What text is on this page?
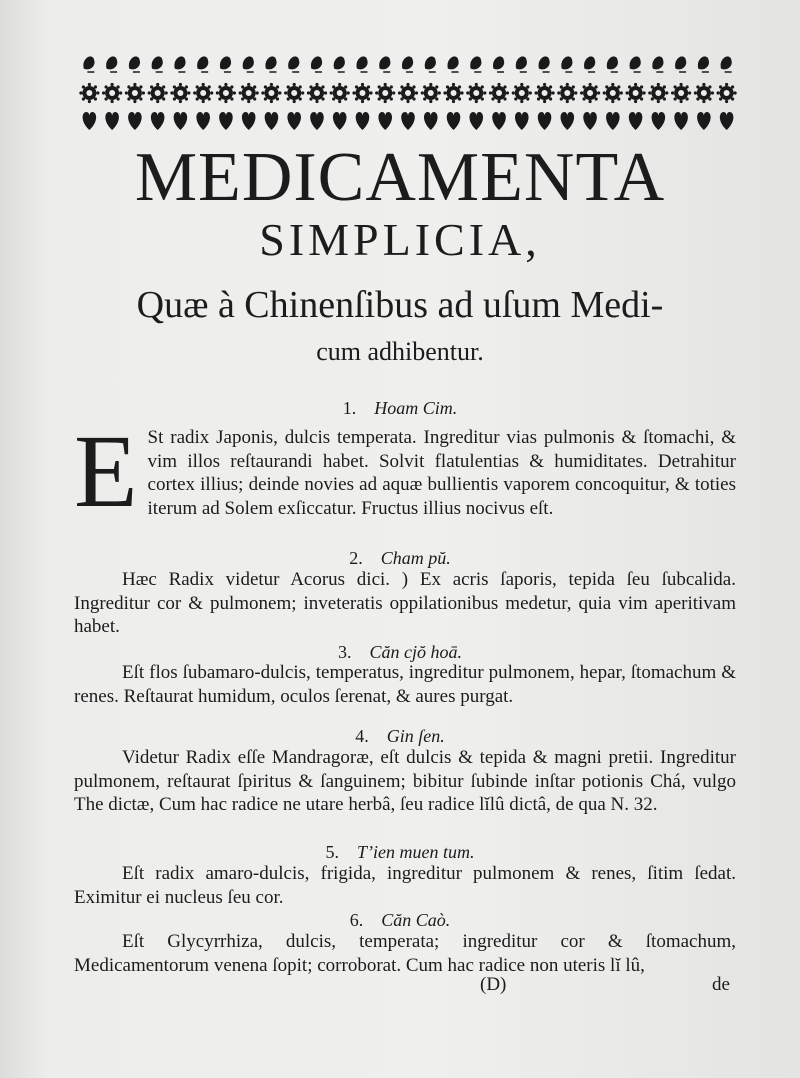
MEDICAMENTA
SIMPLICIA,
Quæ à Chinenſibus ad uſum Medi-
cum adhibentur.
1. Hoam Cim.
E St radix Japonis, dulcis temperata. Ingreditur vias pulmonis & ſtomachi, & vim illos reſtaurandi habet. Solvit flatulentias & humiditates. Detrahitur cortex illius; deinde novies ad aquæ bullientis vaporem concoquitur, & toties iterum ad Solem exſiccatur. Fructus illius nocivus eſt.
2. Cham pŭ.
Hæc Radix videtur Acorus dici. ) Ex acris ſaporis, tepida ſeu ſubcalida. Ingreditur cor & pulmonem; inveteratis oppilationibus medetur, quia vim aperitivam habet.
3. Căn cjŏ hoā.
Eſt flos ſubamaro-dulcis, temperatus, ingreditur pulmonem, hepar, ſtomachum & renes. Reſtaurat humidum, oculos ſerenat, & aures purgat.
4. Gin ſen.
Videtur Radix eſſe Mandragoræ, eſt dulcis & tepida & magni pretii. Ingreditur pulmonem, reſtaurat ſpiritus & ſanguinem; bibitur ſubinde inſtar potionis Chá, vulgo The dictæ, Cum hac radice ne utare herbâ, ſeu radice lĭlû dictâ, de qua N. 32.
5. Tʼien muen tum.
Eſt radix amaro-dulcis, frigida, ingreditur pulmonem & renes, ſitim ſedat. Eximitur ei nucleus ſeu cor.
6. Căn Caò.
Eſt Glycyrrhiza, dulcis, temperata; ingreditur cor & ſtomachum, Medicamentorum venena ſopit; corroborat. Cum hac radice non uteris lĭ lû,
(D)	de
